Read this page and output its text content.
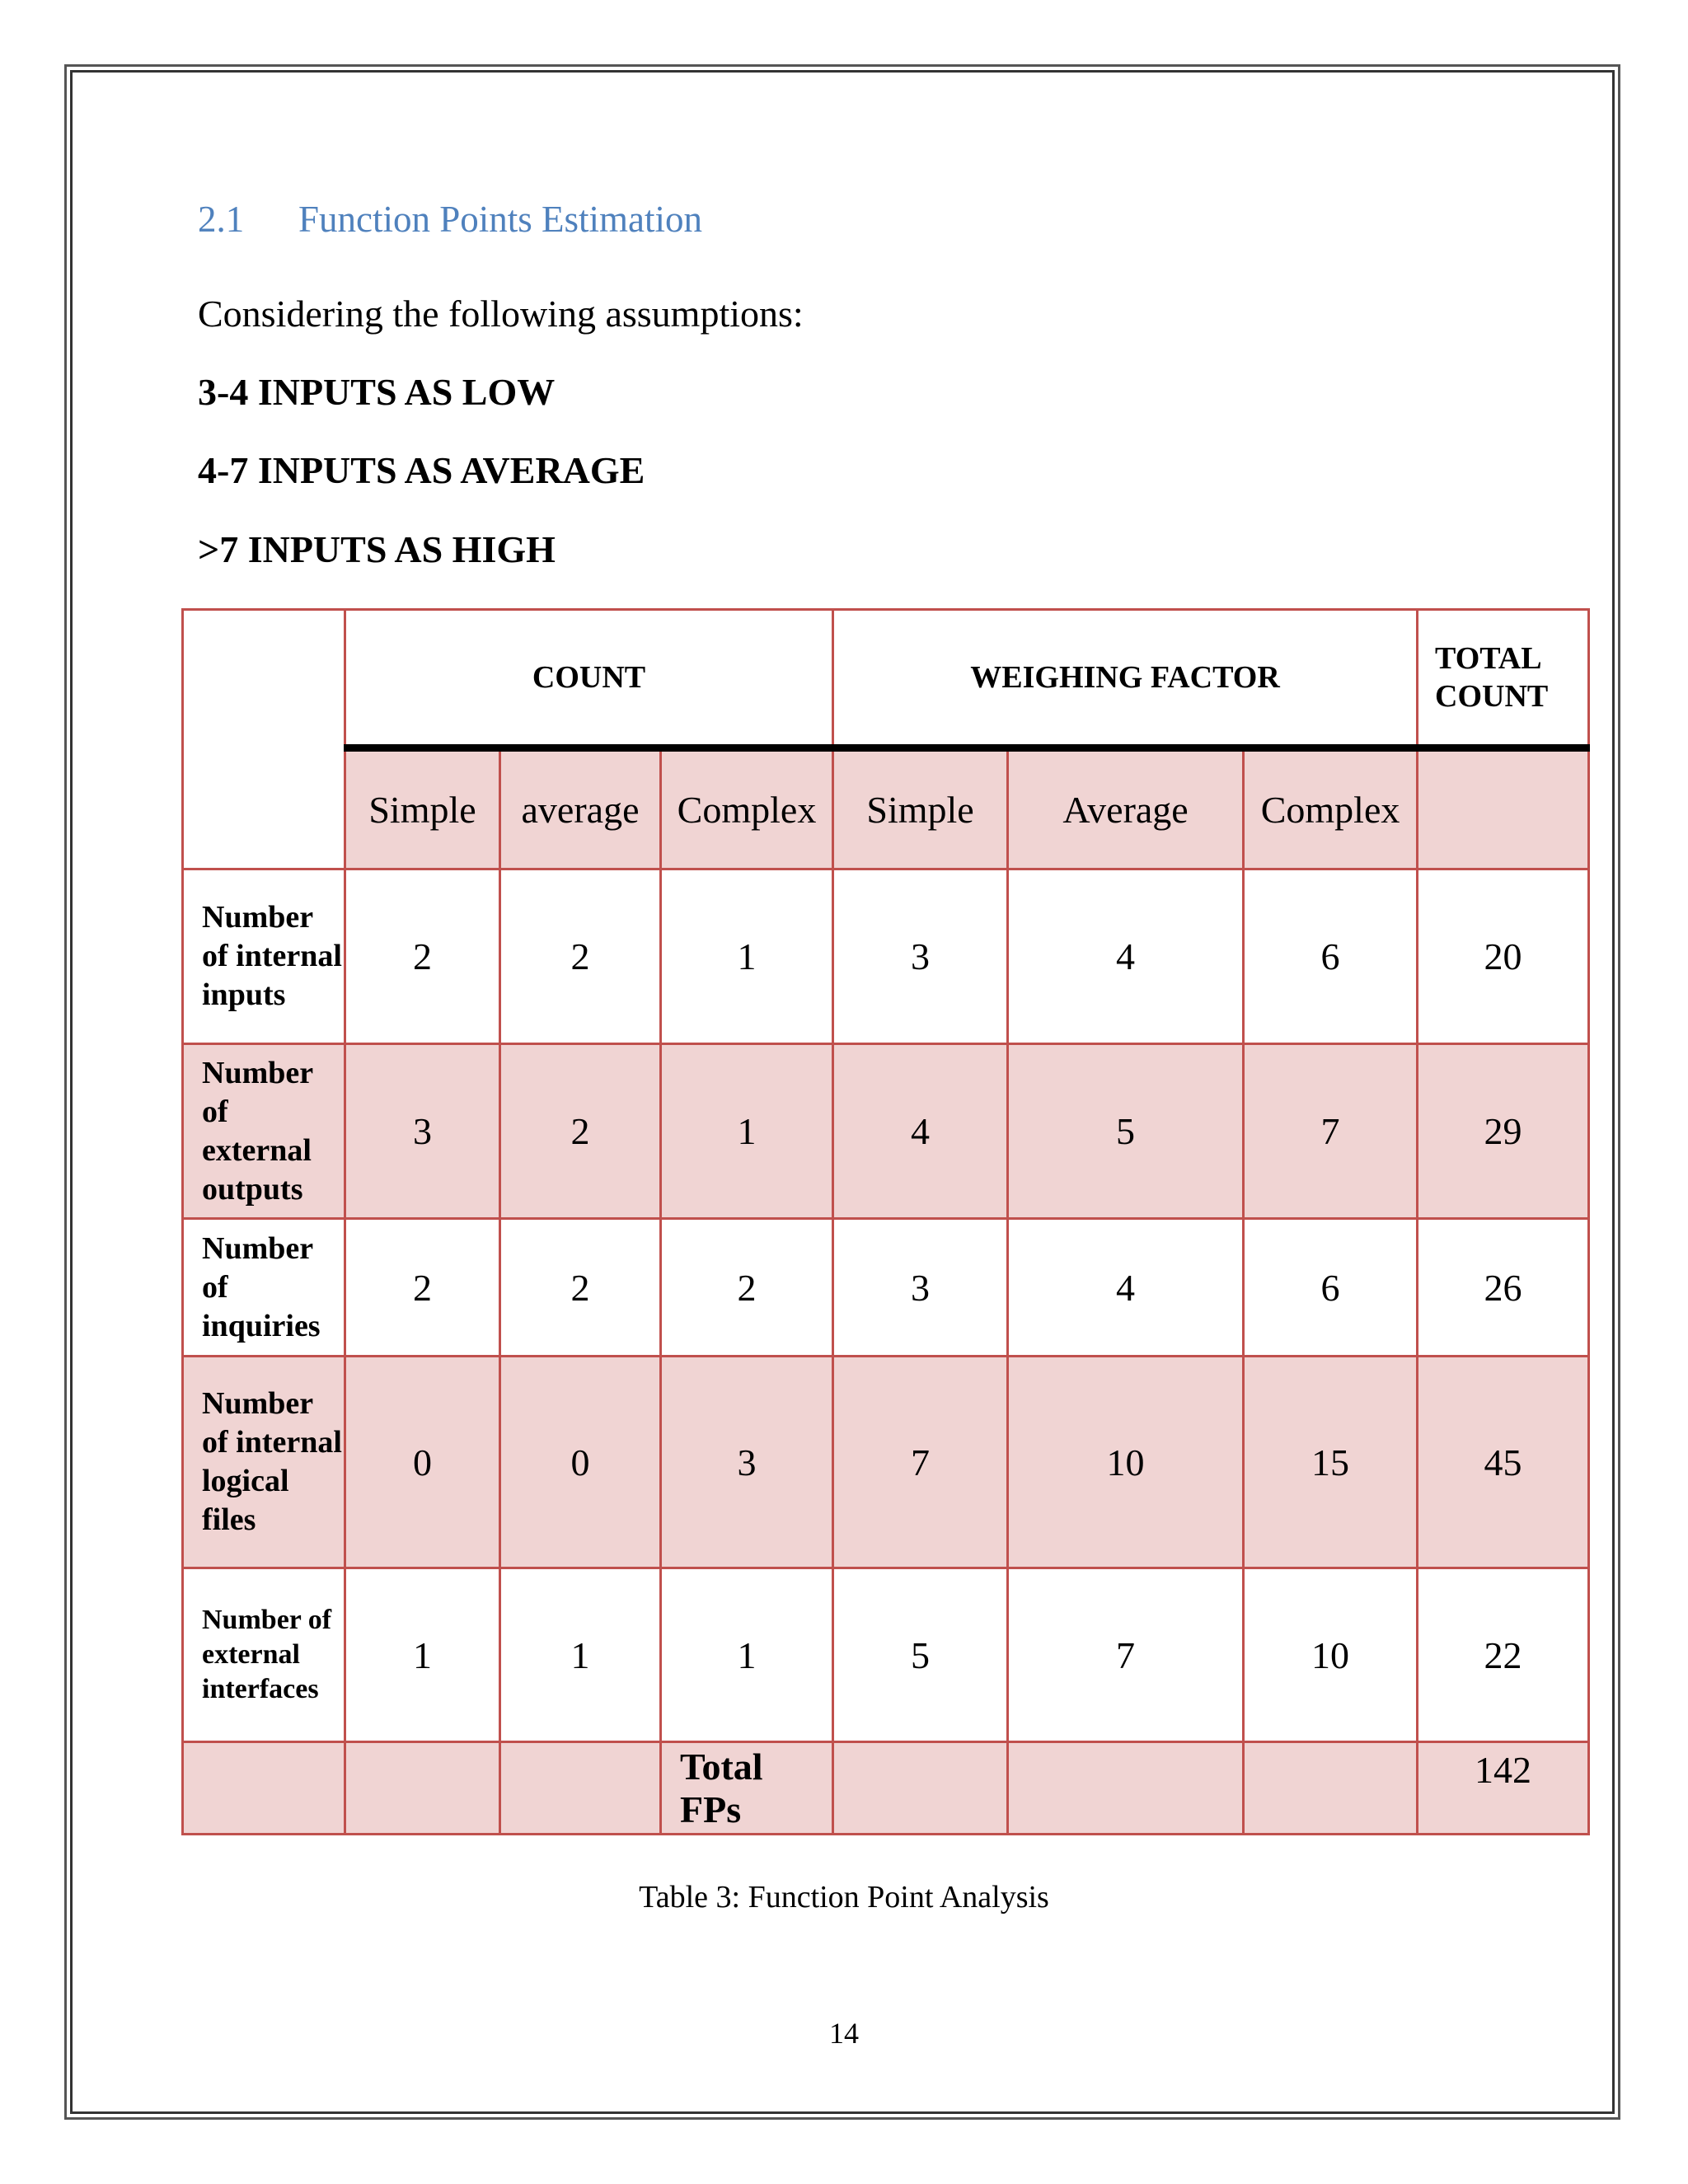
2.1 Function Points Estimation
Considering the following assumptions:
3-4 INPUTS AS LOW
4-7 INPUTS AS AVERAGE
>7 INPUTS AS HIGH
	COUNT			WEIGHING FACTOR			TOTAL COUNT
	Simple	average	Complex	Simple	Average	Complex	
Number of internal inputs	2	2	1	3	4	6	20
Number of external outputs	3	2	1	4	5	7	29
Number of inquiries	2	2	2	3	4	6	26
Number of internal logical files	0	0	3	7	10	15	45
Number of external interfaces	1	1	1	5	7	10	22
			Total FPs				142
Table 3: Function Point Analysis
14
